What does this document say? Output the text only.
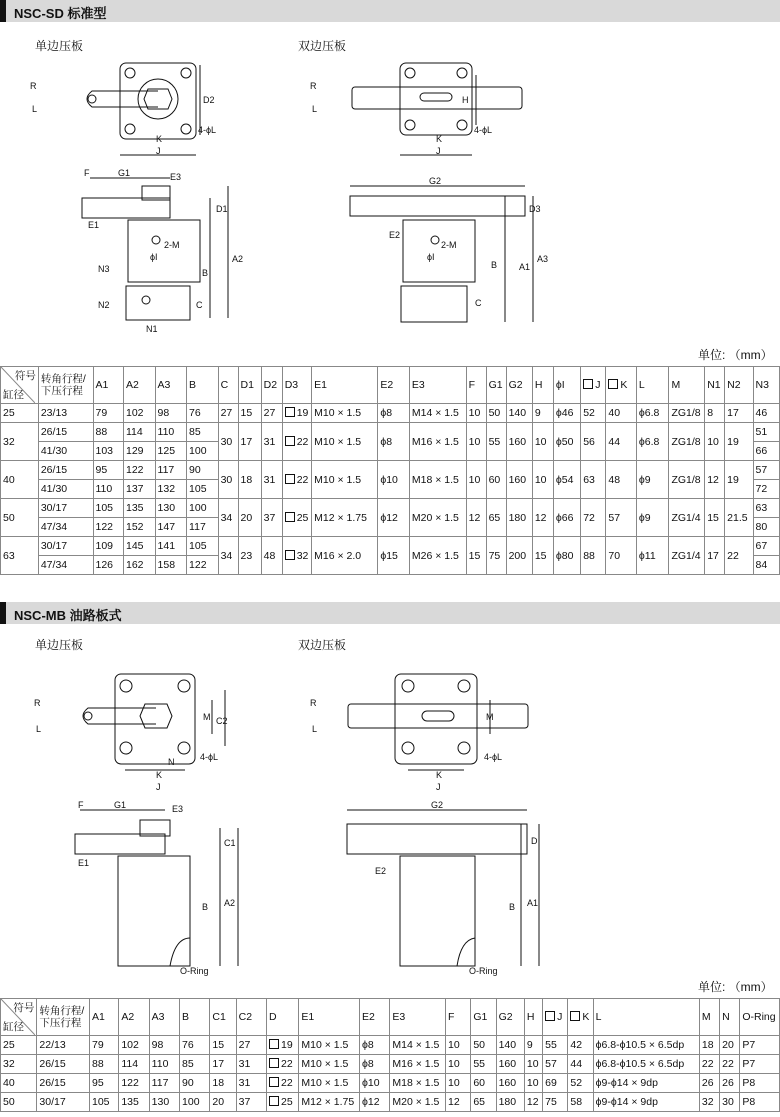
NSC-SD 标准型
单边压板	双边压板
R
L
D2
4-ϕL
K
J
R
L
H
4-ϕL
K
J
F	G1	E3
E1
D1
2-M
ϕI
N3	B
A2
N2	C
N1
G2
D3
E2
2-M
ϕI
B A1
A3
C
单位: （mm）
符号
缸径	转角行程/下压行程	A1	A2	A3	B	C	D1	D2	D3	E1	E2	E3	F	G1	G2	H	ϕI	J	K	L	M	N1	N2	N3
25	23/13	79	102	98	76	27	15	27	19	M10 × 1.5	ϕ8	M14 × 1.5	10	50	140	9	ϕ46	52	40	ϕ6.8	ZG1/8	8	17	46
32	26/15	88	114	110	85	30	17	31	22	M10 × 1.5	ϕ8	M16 × 1.5	10	55	160	10	ϕ50	56	44	ϕ6.8	ZG1/8	10	19	51
	41/30	103	129	125	100																			66
40	26/15	95	122	117	90	30	18	31	22	M10 × 1.5	ϕ10	M18 × 1.5	10	60	160	10	ϕ54	63	48	ϕ9	ZG1/8	12	19	57
	41/30	110	137	132	105																			72
50	30/17	105	135	130	100	34	20	37	25	M12 × 1.75	ϕ12	M20 × 1.5	12	65	180	12	ϕ66	72	57	ϕ9	ZG1/4	15	21.5	63
	47/34	122	152	147	117																			80
63	30/17	109	145	141	105	34	23	48	32	M16 × 2.0	ϕ15	M26 × 1.5	15	75	200	15	ϕ80	88	70	ϕ11	ZG1/4	17	22	67
	47/34	126	162	158	122																			84
NSC-MB 油路板式
单边压板	双边压板
R
L
M C2
N	4-ϕL
K
J
R
L
M
4-ϕL
K
J
F	G1	E3
E1
C1
B A2
O-Ring
G2
D
E2
B A1
O-Ring
单位: （mm）
符号
缸径	转角行程/下压行程	A1	A2	A3	B	C1	C2	D	E1	E2	E3	F	G1	G2	H	J	K	L	M	N	O-Ring
25	22/13	79	102	98	76	15	27	19	M10 × 1.5	ϕ8	M14 × 1.5	10	50	140	9	55	42	ϕ6.8-ϕ10.5 × 6.5dp	18	20	P7
32	26/15	88	114	110	85	17	31	22	M10 × 1.5	ϕ8	M16 × 1.5	10	55	160	10	57	44	ϕ6.8-ϕ10.5 × 6.5dp	22	22	P7
40	26/15	95	122	117	90	18	31	22	M10 × 1.5	ϕ10	M18 × 1.5	10	60	160	10	69	52	ϕ9-ϕ14 × 9dp	26	26	P8
50	30/17	105	135	130	100	20	37	25	M12 × 1.75	ϕ12	M20 × 1.5	12	65	180	12	75	58	ϕ9-ϕ14 × 9dp	32	30	P8
